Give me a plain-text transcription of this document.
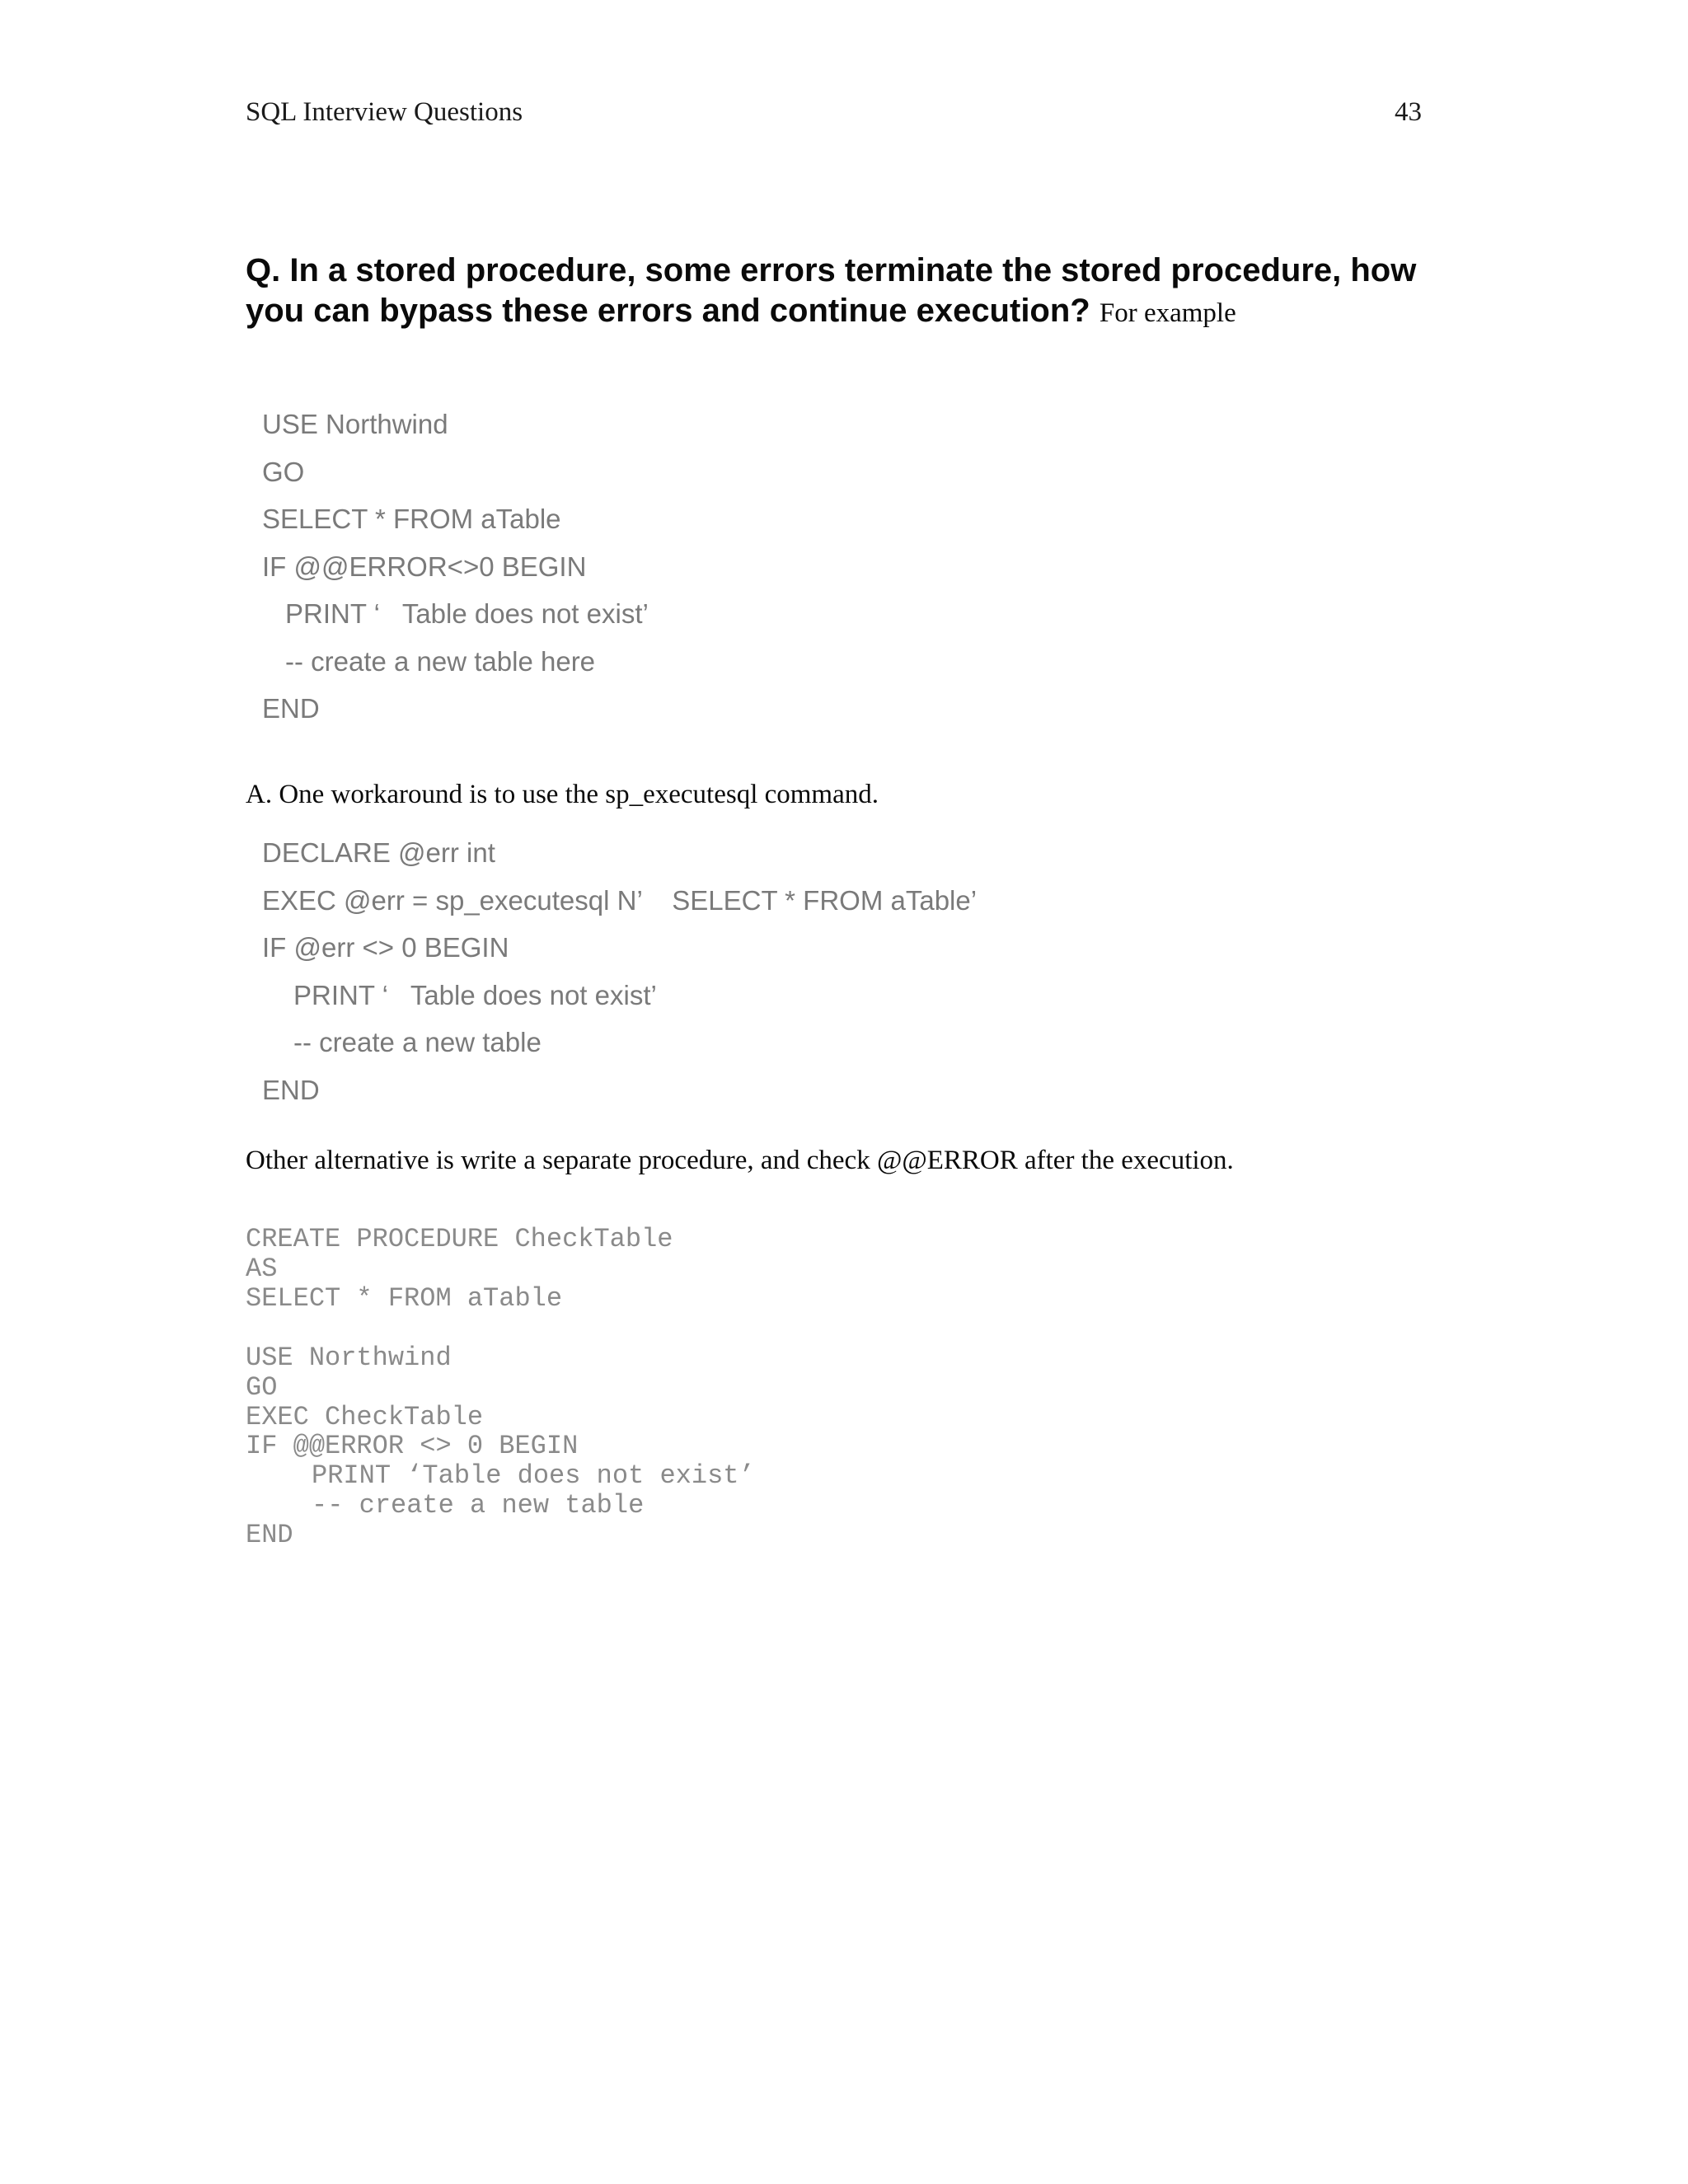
SQL Interview Questions	43
Q. In a stored procedure, some errors terminate the stored procedure, how you can bypass these errors and continue execution? For example
USE Northwind
GO
SELECT * FROM aTable
IF @@ERROR<>0 BEGIN
PRINT ‘   Table does not exist’
-- create a new table here
END
A. One workaround is to use the sp_executesql command.
DECLARE @err int
EXEC @err = sp_executesql N’    SELECT * FROM aTable’
IF @err <> 0 BEGIN
PRINT ‘   Table does not exist’
-- create a new table
END
Other alternative is write a separate procedure, and check @@ERROR after the execution.
CREATE PROCEDURE CheckTable
AS
SELECT * FROM aTable
USE Northwind
GO
EXEC CheckTable
IF @@ERROR <> 0 BEGIN
PRINT ‘Table does not exist’
-- create a new table
END
